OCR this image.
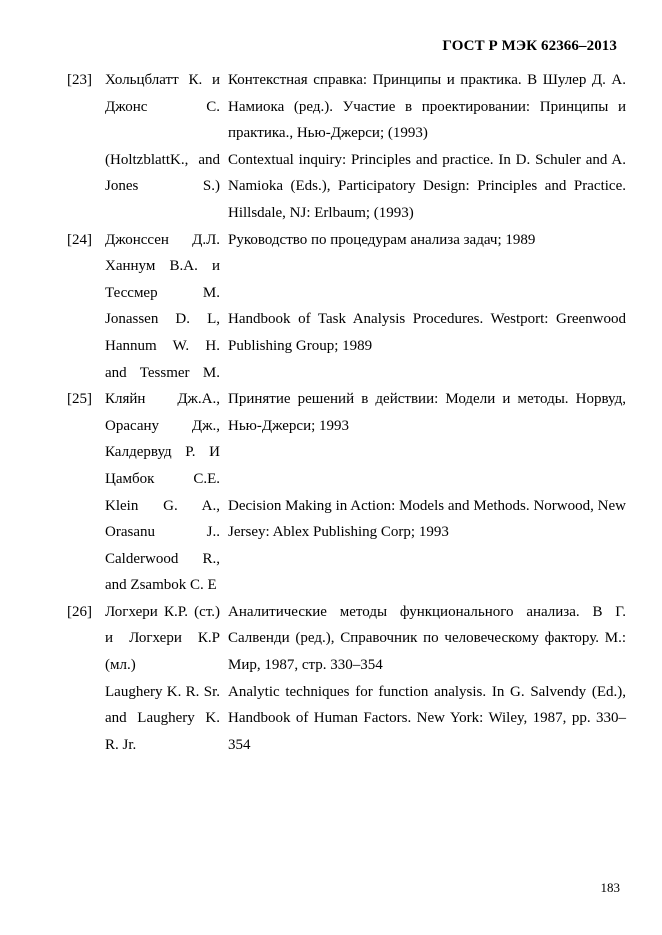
ГОСТ Р МЭК 62366–2013
[23] Хольцблатт К. и Джонс С.
Контекстная справка: Принципы и практика. В Шулер Д. А. Намиока (ред.). Участие в проектировании: Принципы и практика., Нью-Джерси; (1993)
(HoltzblattK., and Jones S.)
Contextual inquiry: Principles and practice. In D. Schuler and A. Namioka (Eds.), Participatory Design: Principles and Practice. Hillsdale, NJ: Erlbaum; (1993)
[24] Джонссен Д.Л. Ханнум В.А. и Тессмер М.
Руководство по процедурам анализа задач; 1989
Jonassen D. L, Hannum W. H. and Tessmer M.
Handbook of Task Analysis Procedures. Westport: Greenwood Publishing Group; 1989
[25] Кляйн Дж.А., Орасану Дж., Калдервуд Р. И Цамбок С.Е.
Принятие решений в действии: Модели и методы. Норвуд, Нью-Джерси; 1993
Klein G. A., Orasanu J.. Calderwood R., and Zsambok C. E
Decision Making in Action: Models and Methods. Norwood, New Jersey: Ablex Publishing Corp; 1993
[26] Логхери К.Р. (ст.) и Логхери К.Р (мл.)
Аналитические методы функционального анализа. В Г. Салвенди (ред.), Справочник по человеческому фактору. М.: Мир, 1987, стр. 330–354
Laughery K. R. Sr. and Laughery K. R. Jr.
Analytic techniques for function analysis. In G. Salvendy (Ed.), Handbook of Human Factors. New York: Wiley, 1987, pp. 330–354
183
